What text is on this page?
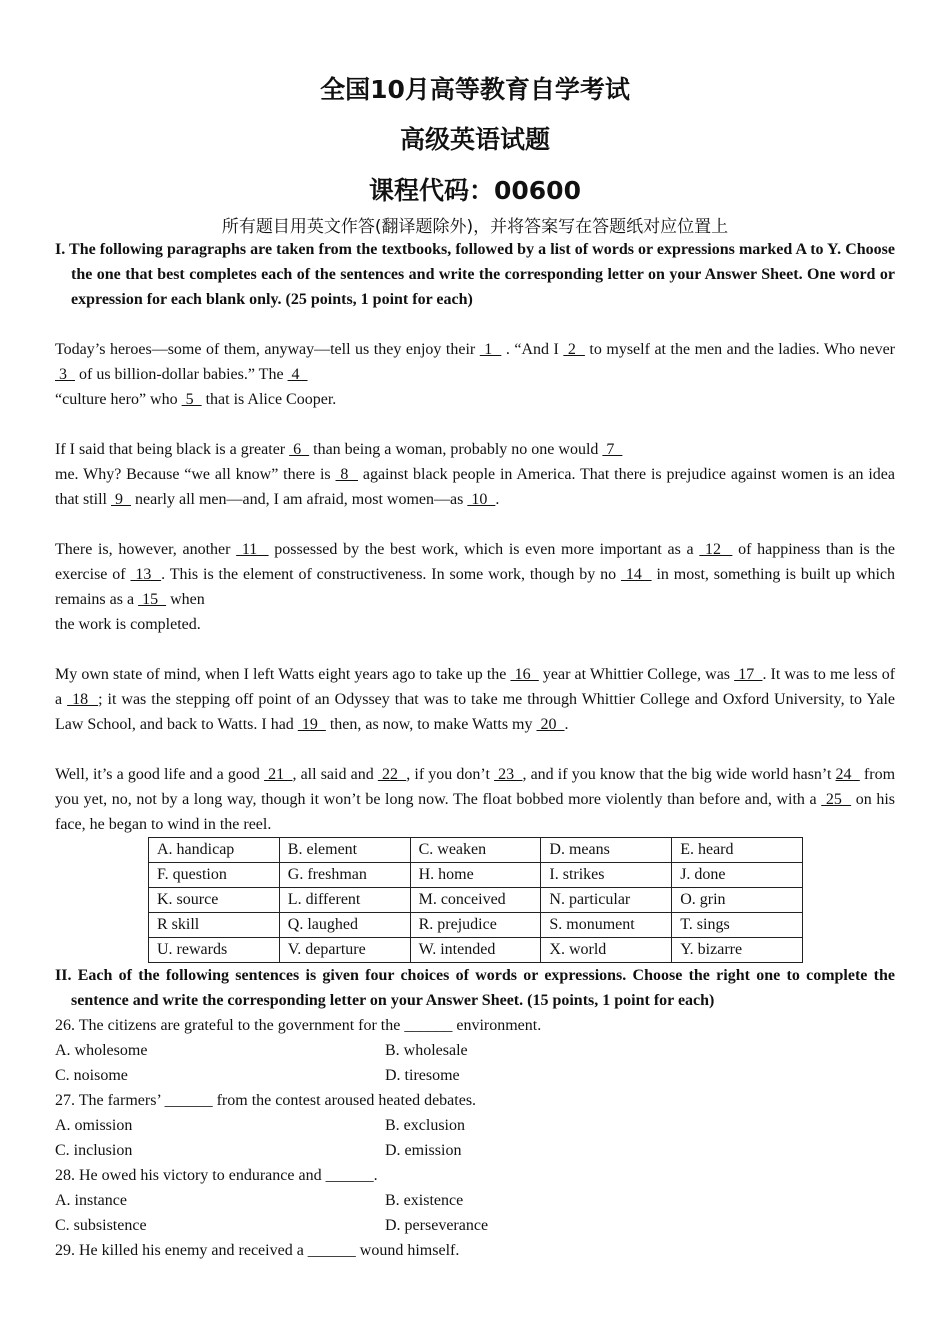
全国10月高等教育自学考试
高级英语试题
课程代码：00600
所有题目用英文作答(翻译题除外)，并将答案写在答题纸对应位置上

I. The following paragraphs are taken from the textbooks, followed by a list of words or expressions marked A to Y. Choose the one that best completes each of the sentences and write the corresponding letter on your Answer Sheet. One word or expression for each blank only. (25 points, 1 point for each)

Today’s heroes—some of them, anyway—tell us they enjoy their  1   . “And I  2   to myself at the men and the ladies. Who never  3   of us billion-dollar babies.” The  4
“culture hero” who  5   that is Alice Cooper.

If I said that being black is a greater  6   than being a woman, probably no one would  7
me. Why? Because “we all know” there is  8   against black people in America. That there is prejudice against women is an idea that still  9   nearly all men—and, I am afraid, most women—as  10  .

There is, however, another  11   possessed by the best work, which is even more important as a  12   of happiness than is the exercise of  13  . This is the element of constructiveness. In some work, though by no  14   in most, something is built up which remains as a  15   when
the work is completed.

My own state of mind, when I left Watts eight years ago to take up the  16   year at Whittier College, was  17  . It was to me less of a  18  ; it was the stepping off point of an Odyssey that was to take me through Whittier College and Oxford University, to Yale Law School, and back to Watts. I had  19   then, as now, to make Watts my  20  .

Well, it’s a good life and a good  21  , all said and  22  , if you don’t  23  , and if you know that the big wide world hasn’t 24   from you yet, no, not by a long way, though it won’t be long now. The float bobbed more violently than before and, with a  25   on his face, he began to wind in the reel.

A. handicap	B. element	C. weaken	D. means	E. heard
F. question	G. freshman	H. home	I. strikes	J. done
K. source	L. different	M. conceived	N. particular	O. grin
R skill	Q. laughed	R. prejudice	S. monument	T. sings
U. rewards	V. departure	W. intended	X. world	Y. bizarre

II. Each of the following sentences is given four choices of words or expressions. Choose the right one to complete the sentence and write the corresponding letter on your Answer Sheet. (15 points, 1 point for each)

26. The citizens are grateful to the government for the ______ environment.

A. wholesome	B. wholesale
C. noisome	D. tiresome

27. The farmers’ ______ from the contest aroused heated debates.

A. omission	B. exclusion
C. inclusion	D. emission

28. He owed his victory to endurance and ______.

A. instance	B. existence
C. subsistence	D. perseverance

29. He killed his enemy and received a ______ wound himself.
